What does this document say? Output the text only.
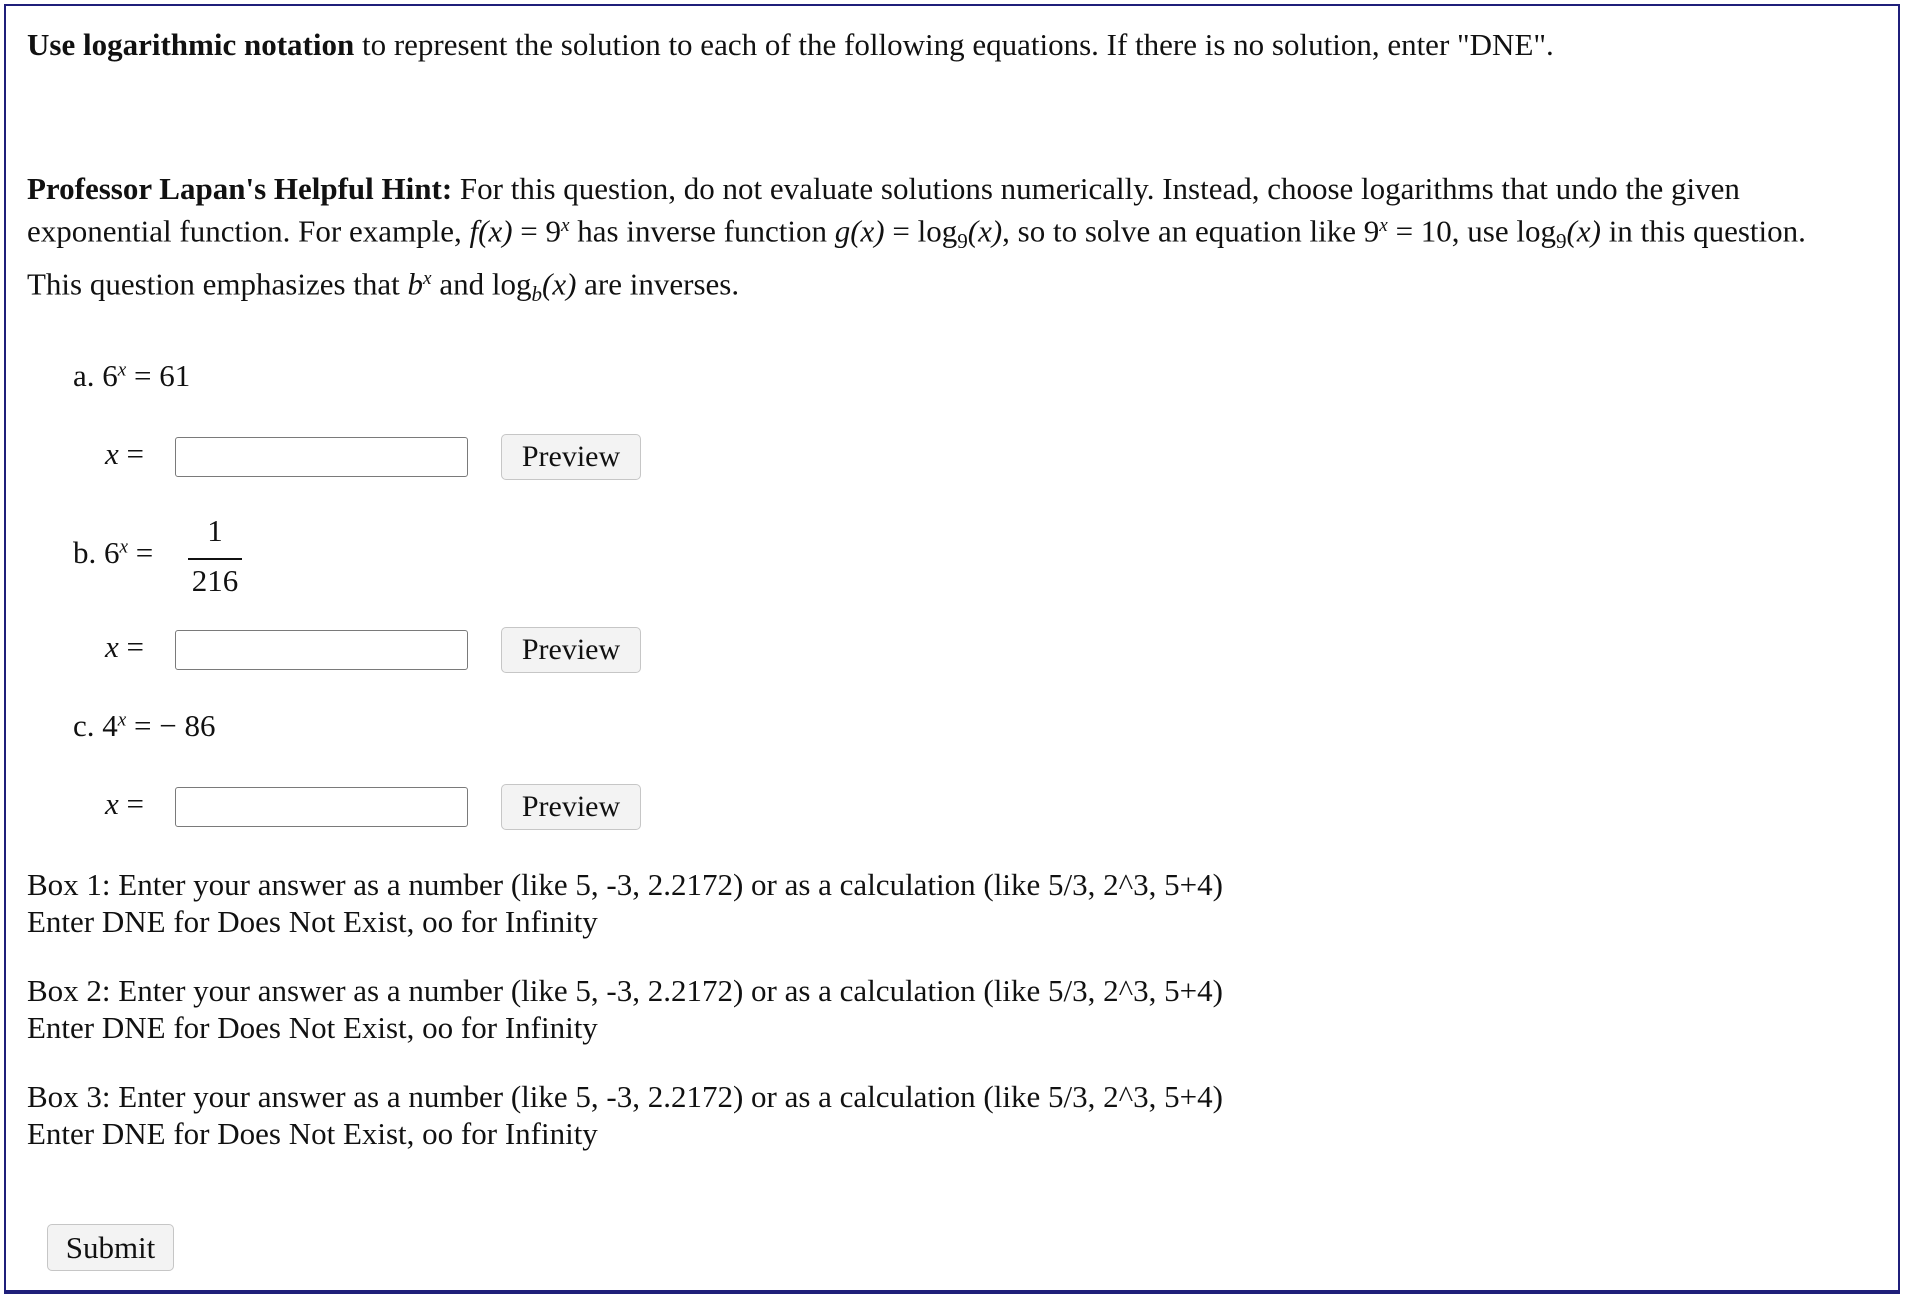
Use logarithmic notation to represent the solution to each of the following equations. If there is no solution, enter "DNE".

Professor Lapan's Helpful Hint: For this question, do not evaluate solutions numerically. Instead, choose logarithms that undo the given exponential function. For example, $f(x) = 9^x$ has inverse function $g(x) = \log_9(x)$, so to solve an equation like $9^x = 10$, use $\log_9(x)$ in this question. This question emphasizes that $b^x$ and $\log_b(x)$ are inverses.

a. $6^x = 61$
x =	Preview
b. $6^x$ =
1
216
x =	Preview
c. $4^x$ = − 86
x =	Preview
Box 1: Enter your answer as a number (like 5, -3, 2.2172) or as a calculation (like 5/3, 2^3, 5+4)
Enter DNE for Does Not Exist, oo for Infinity
Box 2: Enter your answer as a number (like 5, -3, 2.2172) or as a calculation (like 5/3, 2^3, 5+4)
Enter DNE for Does Not Exist, oo for Infinity
Box 3: Enter your answer as a number (like 5, -3, 2.2172) or as a calculation (like 5/3, 2^3, 5+4)
Enter DNE for Does Not Exist, oo for Infinity
Submit
